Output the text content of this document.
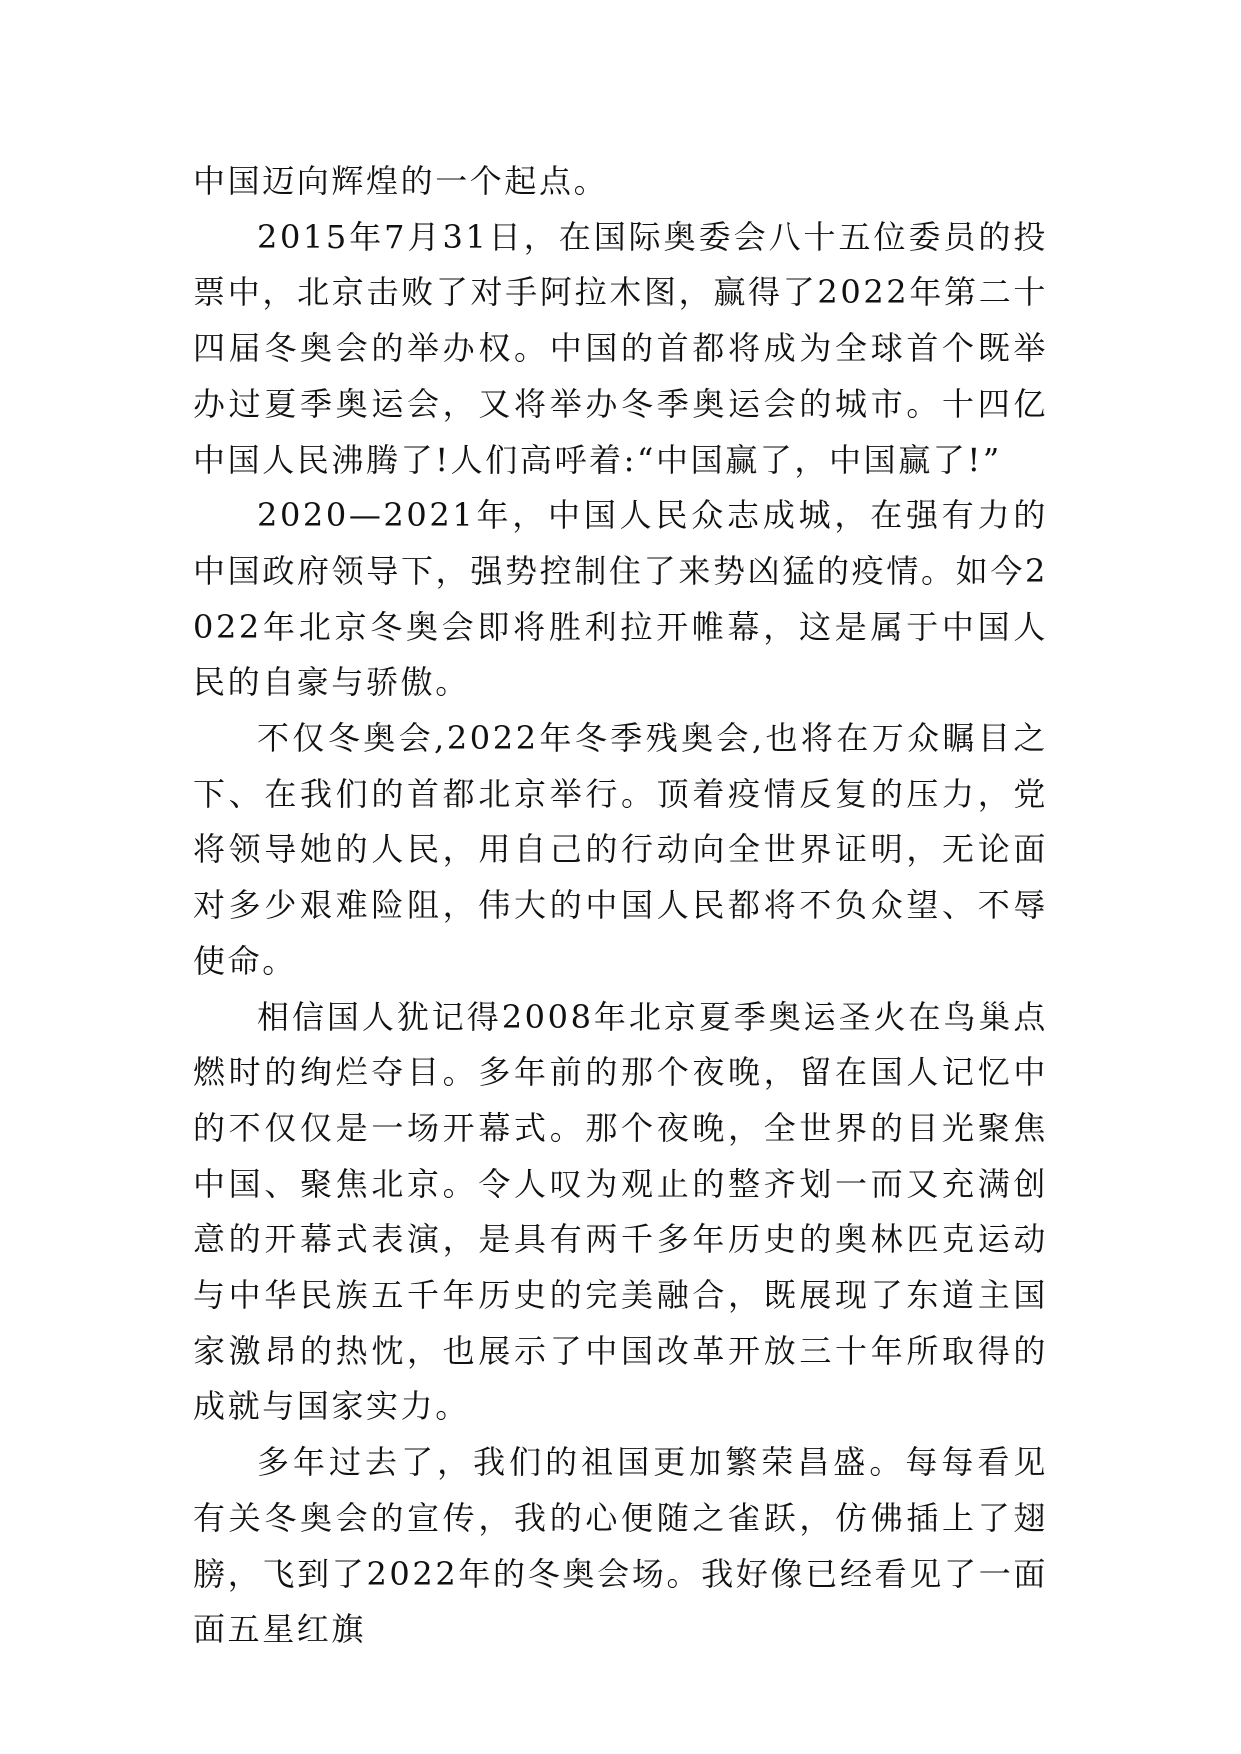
中国迈向辉煌的一个起点。

2015年7月31日，在国际奥委会八十五位委员的投票中，北京击败了对手阿拉木图，赢得了2022年第二十四届冬奥会的举办权。中国的首都将成为全球首个既举办过夏季奥运会，又将举办冬季奥运会的城市。十四亿中国人民沸腾了!人们高呼着:“中国赢了，中国赢了!”

2020—2021年，中国人民众志成城，在强有力的中国政府领导下，强势控制住了来势凶猛的疫情。如今2022年北京冬奥会即将胜利拉开帷幕，这是属于中国人民的自豪与骄傲。

不仅冬奥会,2022年冬季残奥会,也将在万众瞩目之下、在我们的首都北京举行。顶着疫情反复的压力，党将领导她的人民，用自己的行动向全世界证明，无论面对多少艰难险阻，伟大的中国人民都将不负众望、不辱使命。

相信国人犹记得2008年北京夏季奥运圣火在鸟巢点燃时的绚烂夺目。多年前的那个夜晚，留在国人记忆中的不仅仅是一场开幕式。那个夜晚，全世界的目光聚焦中国、聚焦北京。令人叹为观止的整齐划一而又充满创意的开幕式表演，是具有两千多年历史的奥林匹克运动与中华民族五千年历史的完美融合，既展现了东道主国家激昂的热忱，也展示了中国改革开放三十年所取得的成就与国家实力。

多年过去了，我们的祖国更加繁荣昌盛。每每看见有关冬奥会的宣传，我的心便随之雀跃，仿佛插上了翅膀，飞到了2022年的冬奥会场。我好像已经看见了一面面五星红旗
